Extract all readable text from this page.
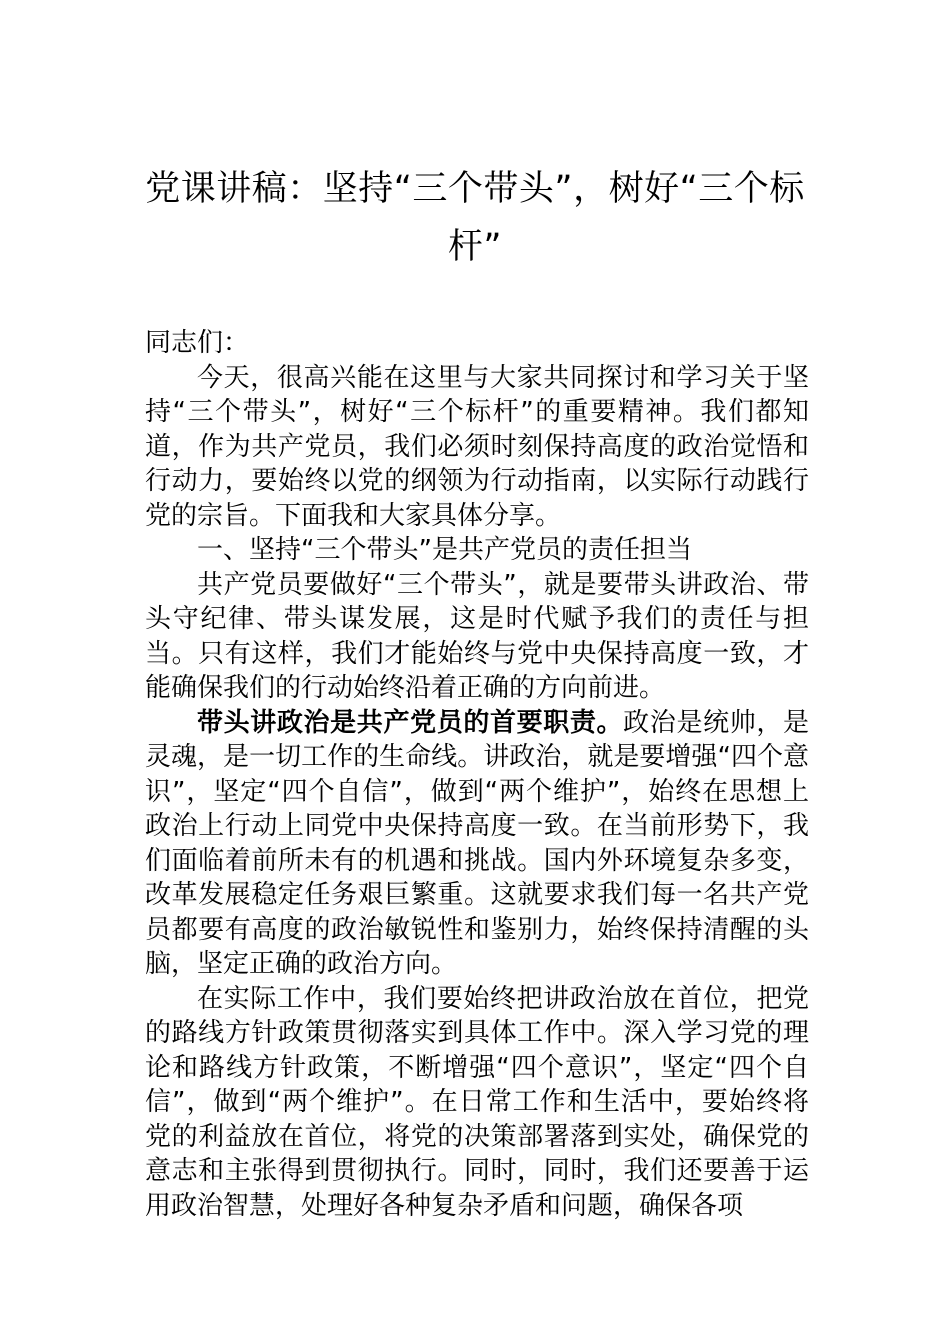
党课讲稿：坚持“三个带头”，树好“三个标杆”

同志们：

今天，很高兴能在这里与大家共同探讨和学习关于坚持“三个带头”，树好“三个标杆”的重要精神。我们都知道，作为共产党员，我们必须时刻保持高度的政治觉悟和行动力，要始终以党的纲领为行动指南，以实际行动践行党的宗旨。下面我和大家具体分享。

一、坚持“三个带头”是共产党员的责任担当

共产党员要做好“三个带头”，就是要带头讲政治、带头守纪律、带头谋发展，这是时代赋予我们的责任与担当。只有这样，我们才能始终与党中央保持高度一致，才能确保我们的行动始终沿着正确的方向前进。

带头讲政治是共产党员的首要职责。政治是统帅，是灵魂，是一切工作的生命线。讲政治，就是要增强“四个意识”，坚定“四个自信”，做到“两个维护”，始终在思想上政治上行动上同党中央保持高度一致。在当前形势下，我们面临着前所未有的机遇和挑战。国内外环境复杂多变，改革发展稳定任务艰巨繁重。这就要求我们每一名共产党员都要有高度的政治敏锐性和鉴别力，始终保持清醒的头脑，坚定正确的政治方向。

在实际工作中，我们要始终把讲政治放在首位，把党的路线方针政策贯彻落实到具体工作中。深入学习党的理论和路线方针政策，不断增强“四个意识”，坚定“四个自信”，做到“两个维护”。在日常工作和生活中，要始终将党的利益放在首位，将党的决策部署落到实处，确保党的意志和主张得到贯彻执行。同时，同时，我们还要善于运用政治智慧，处理好各种复杂矛盾和问题，确保各项
